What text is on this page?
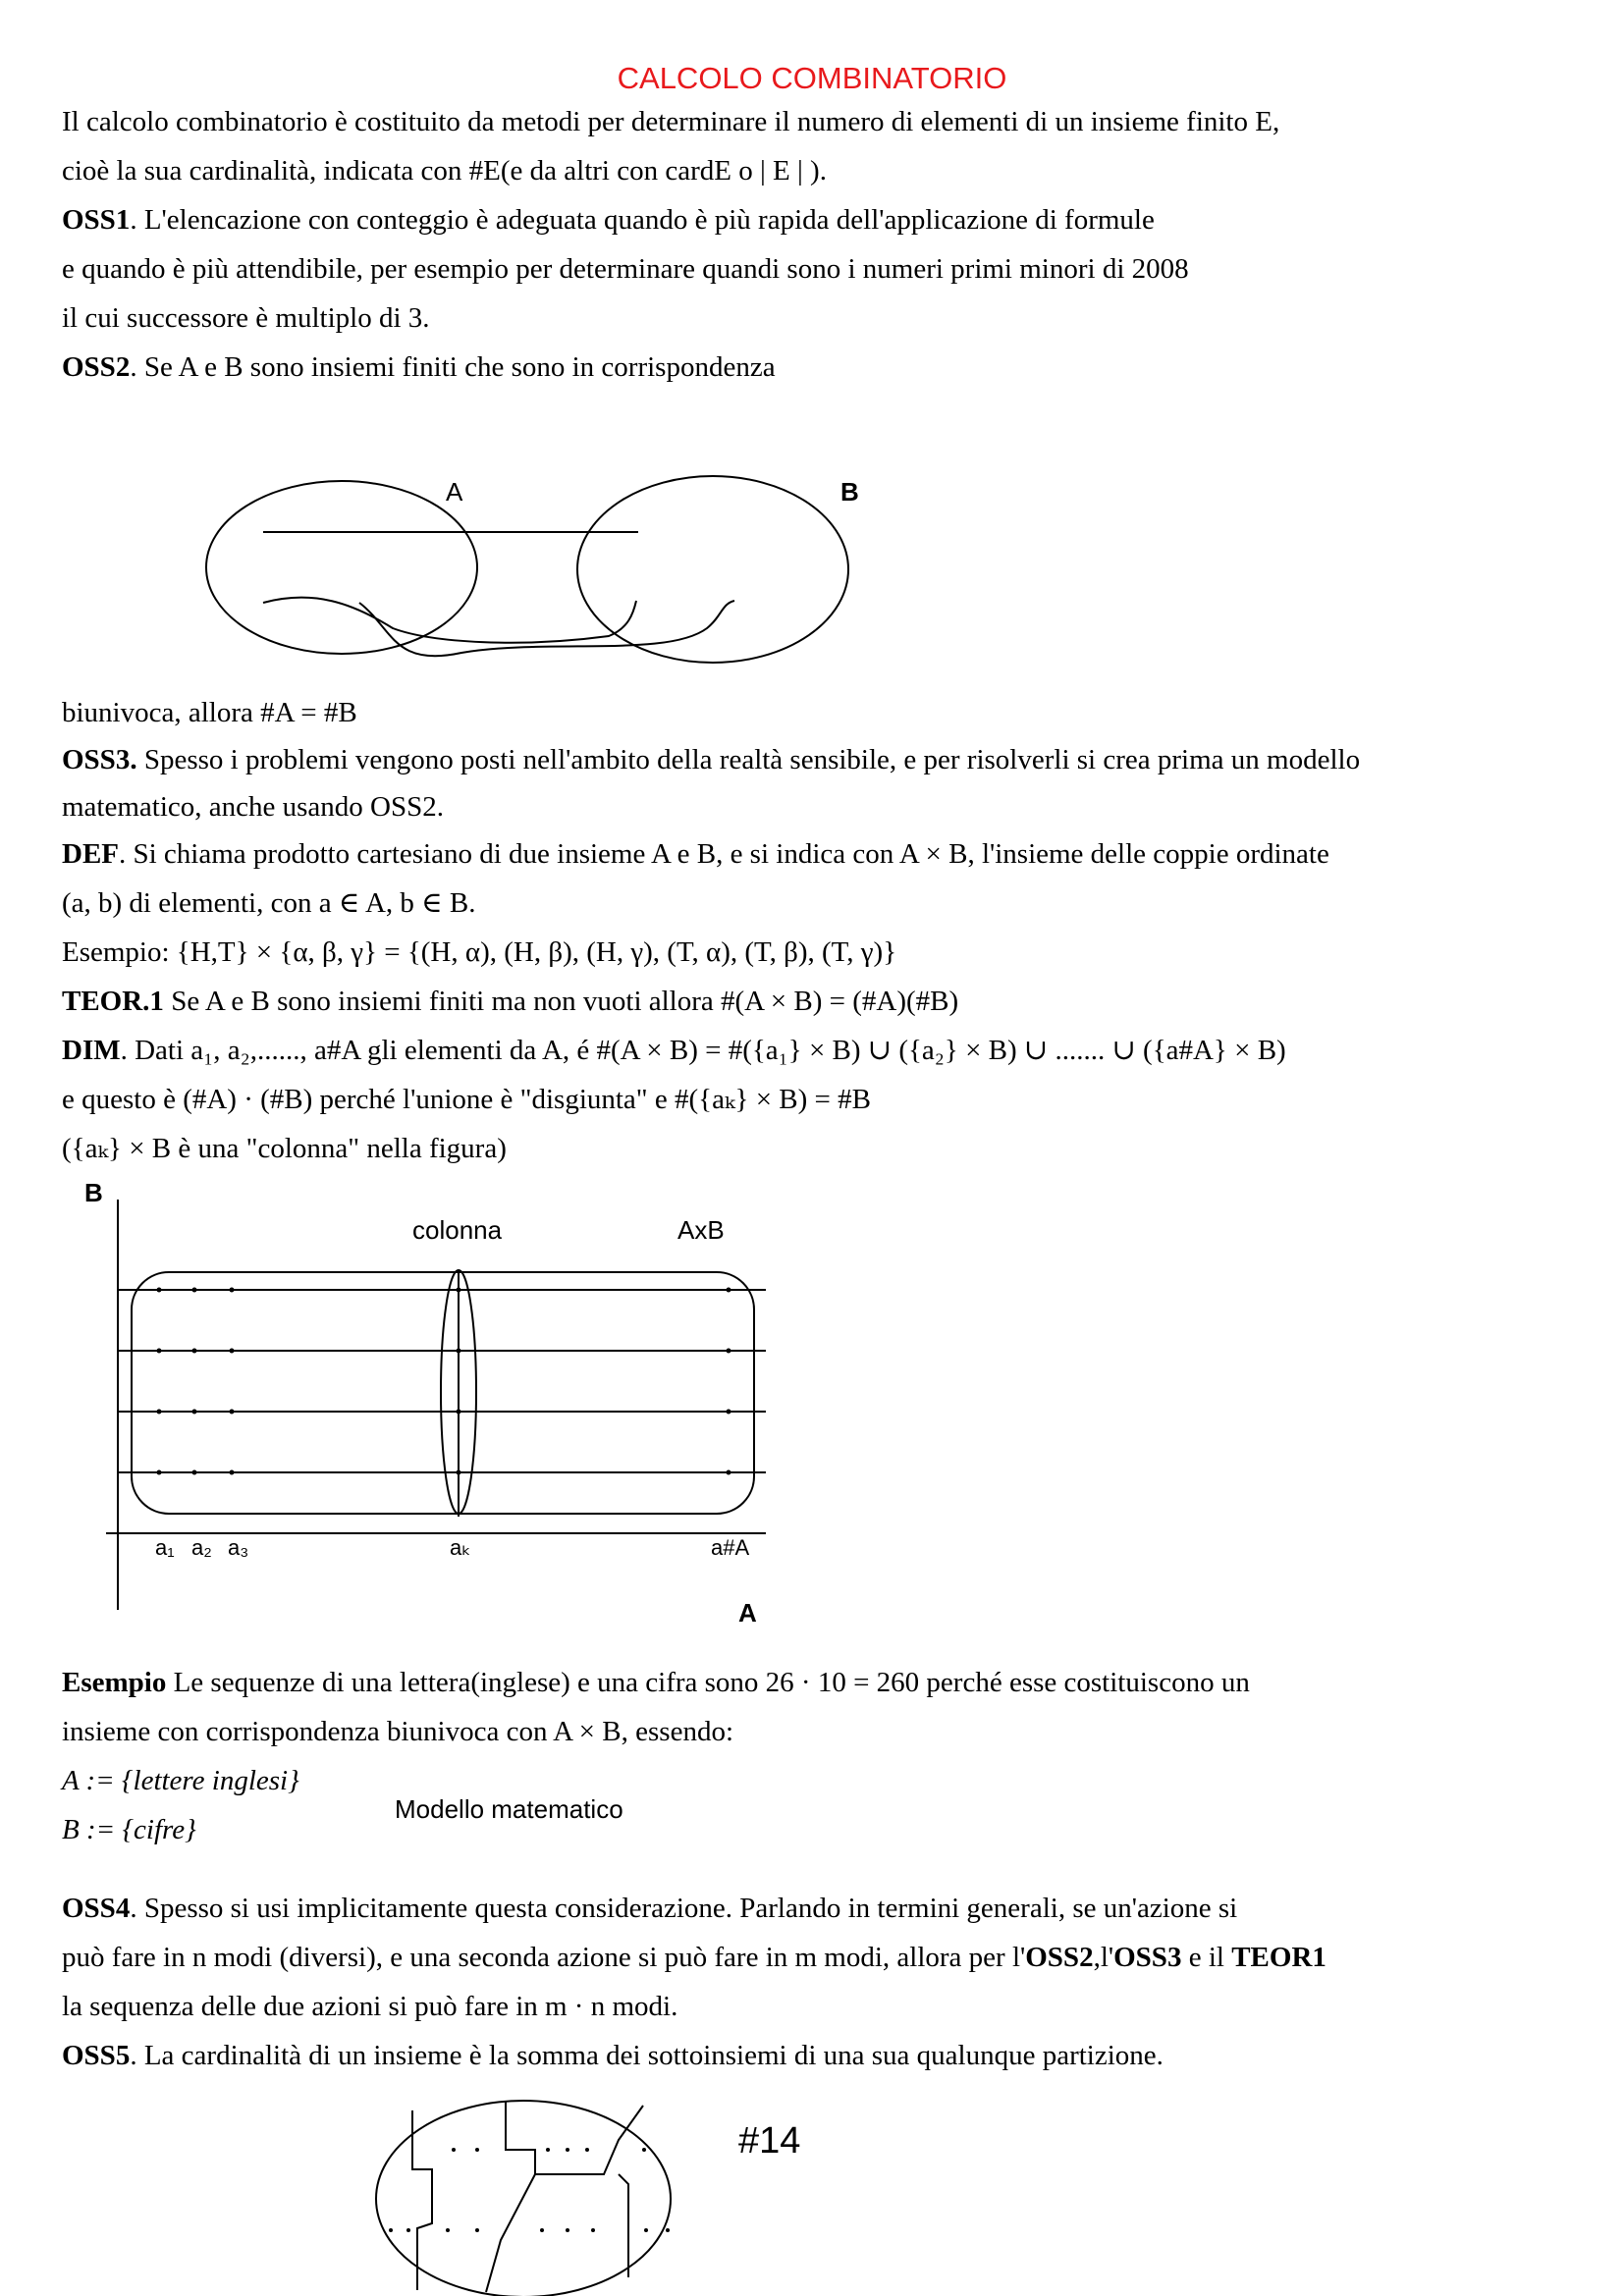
CALCOLO COMBINATORIO
Il calcolo combinatorio è costituito da metodi per determinare il numero di elementi di un insieme finito E,
cioè la sua cardinalità, indicata con #E(e da altri con cardE o | E | ).
OSS1. L'elencazione con conteggio è adeguata quando è più rapida dell'applicazione di formule
e quando è più attendibile, per esempio per determinare quandi sono i numeri primi minori di 2008
il cui successore è multiplo di 3.
OSS2. Se A e B sono insiemi finiti che sono in corrispondenza
A	B
biunivoca, allora #A = #B
OSS3. Spesso i problemi vengono posti nell'ambito della realtà sensibile, e per risolverli si crea prima un modello
matematico, anche usando OSS2.
DEF. Si chiama prodotto cartesiano di due insieme A e B, e si indica con A × B, l'insieme delle coppie ordinate
(a, b) di elementi, con a ∈ A, b ∈ B.
Esempio: {H,T} × {α, β, γ} = {(H, α), (H, β), (H, γ), (T, α), (T, β), (T, γ)}
TEOR.1 Se A e B sono insiemi finiti ma non vuoti allora #(A × B) = (#A)(#B)
DIM. Dati a₁, a₂,......, a#A gli elementi da A, é #(A × B) = #({a₁} × B) ∪ ({a₂} × B) ∪ ....... ∪ ({a#A} × B)
e questo è (#A) · (#B) perché l'unione è "disgiunta" e #({aₖ} × B) = #B
({aₖ} × B è una "colonna" nella figura)
B
colonna	AxB
a₁ a₂ a₃	aₖ	a#A
A
Esempio Le sequenze di una lettera(inglese) e una cifra sono 26 · 10 = 260 perché esse costituiscono un
insieme con corrispondenza biunivoca con A × B, essendo:
A := {lettere inglesi}
B := {cifre}
Modello matematico
OSS4. Spesso si usi implicitamente questa considerazione. Parlando in termini generali, se un'azione si
può fare in n modi (diversi), e una seconda azione si può fare in m modi, allora per l'OSS2,l'OSS3 e il TEOR1
la sequenza delle due azioni si può fare in m · n modi.
OSS5. La cardinalità di un insieme è la somma dei sottoinsiemi di una sua qualunque partizione.
#14
